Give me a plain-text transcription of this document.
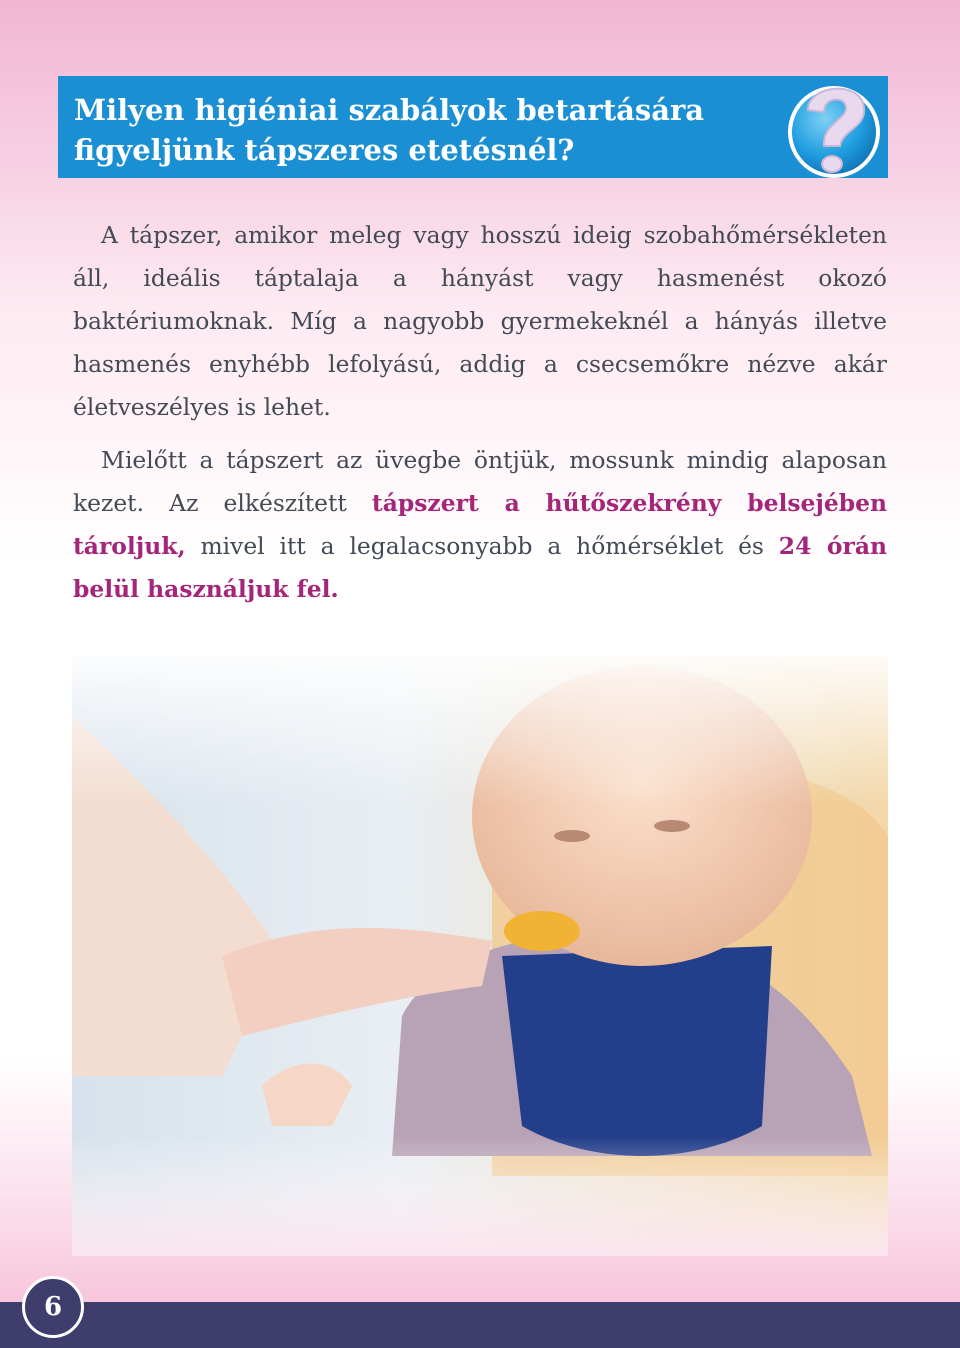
Milyen higiéniai szabályok betartására
figyeljünk tápszeres etetésnél?

A tápszer, amikor meleg vagy hosszú ideig szobahőmérsékleten áll, ideális táptalaja a hányást vagy hasmenést okozó baktériumoknak. Míg a nagyobb gyermekeknél a hányás illetve hasmenés enyhébb lefolyású, addig a csecsemőkre nézve akár életveszélyes is lehet.

Mielőtt a tápszert az üvegbe öntjük, mossunk mindig alaposan kezet. Az elkészített tápszert a hűtőszekrény belsejében tároljuk, mivel itt a legalacsonyabb a hőmérséklet és 24 órán belül használjuk fel.

6
